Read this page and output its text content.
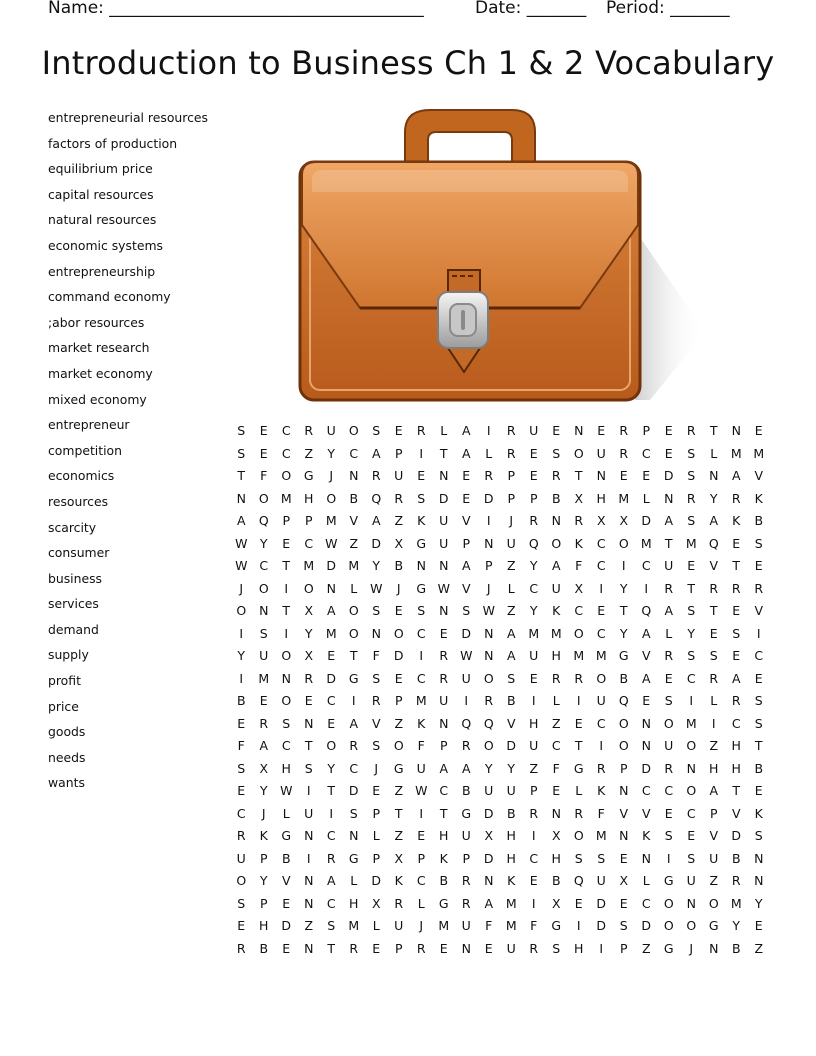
Name: _____________________________________

	Date: _______

Period: _______

Introduction to Business Ch 1 & 2 Vocabulary
entrepreneurial resources
factors of production
equilibrium price
capital resources
natural resources
economic systems
entrepreneurship
command economy
;abor resources
market research
market economy
mixed economy
entrepreneur
competition
economics
resources
scarcity
consumer
business
services
demand
supply
profit
price
goods
needs
wants
S	E	C	R	U	O	S	E	R	L	A	I	R	U	E	N	E	R	P	E	R	T	N	E
S	E	C	Z	Y	C	A	P	I	T	A	L	R	E	S	O	U	R	C	E	S	L	M M
T	F	O	G	J	N	R	U	E	N	E	R	P	E	R	T	N	E	E	D	S	N	A	V
N	O M H	O	B	Q	R	S	D	E	D	P	P	B	X	H M	L	N	R	Y	R	K
A	Q	P	P	M	V	A	Z	K	U	V	I	J	R	N	R	X	X	D	A	S	A	K	B
W Y	E	C W Z	D	X	G	U	P	N	U	Q	O	K	C	O M	T	M Q	E	S
W C	T	M D M	Y	B	N	N	A	P	Z	Y	A	F	C	I	C	U	E	V	T	E
J	O	I	O	N	L	W	J	G W V	J	L	C	U	X	I	Y	I	R	T	R	R	R
O	N	T	X	A	O	S	E	S	N	S W Z	Y	K	C	E	T	Q	A	S	T	E	V
I	S	I	Y	M O	N	O	C	E	D	N	A	M M O	C	Y	A	L	Y	E	S	I
Y	U	O	X	E	T	F	D	I	R W N	A	U	H M M G	V	R	S	S	E	C
I	M N	R	D	G	S	E	C	R	U	O	S	E	R	R	O	B	A	E	C	R	A	E
B	E	O	E	C	I	R	P	M	U	I	R	B	I	L	I	U	Q	E	S	I	L	R	S
E	R	S	N	E	A	V	Z	K	N	Q	Q	V	H	Z	E	C	O	N	O M	I	C	S
F	A	C	T	O	R	S	O	F	P	R	O	D	U	C	T	I	O	N	U	O	Z	H	T
S	X	H	S	Y	C	J	G	U	A	A	Y	Y	Z	F	G	R	P	D	R	N	H	H	B
E	Y	W	I	T	D	E	Z W C	B	U	U	P	E	L	K	N	C	C	O	A	T	E
C	J	L	U	I	S	P	T	I	T	G	D	B	R	N	R	F	V	V	E	C	P	V	K
R	K	G	N	C	N	L	Z	E	H	U	X	H	I	X	O M N	K	S	E	V	D	S
U	P	B	I	R	G	P	X	P	K	P	D	H	C	H	S	S	E	N	I	S	U	B	N
O	Y	V	N	A	L	D	K	C	B	R	N	K	E	B	Q	U	X	L	G	U	Z	R	N
S	P	E	N	C	H	X	R	L	G	R	A	M	I	X	E	D	E	C	O	N	O M	Y
E	H	D	Z	S	M	L	U	J	M	U	F	M	F	G	I	D	S	D	O	O	G	Y	E
R	B	E	N	T	R	E	P	R	E	N	E	U	R	S	H	I	P	Z	G	J	N	B	Z
